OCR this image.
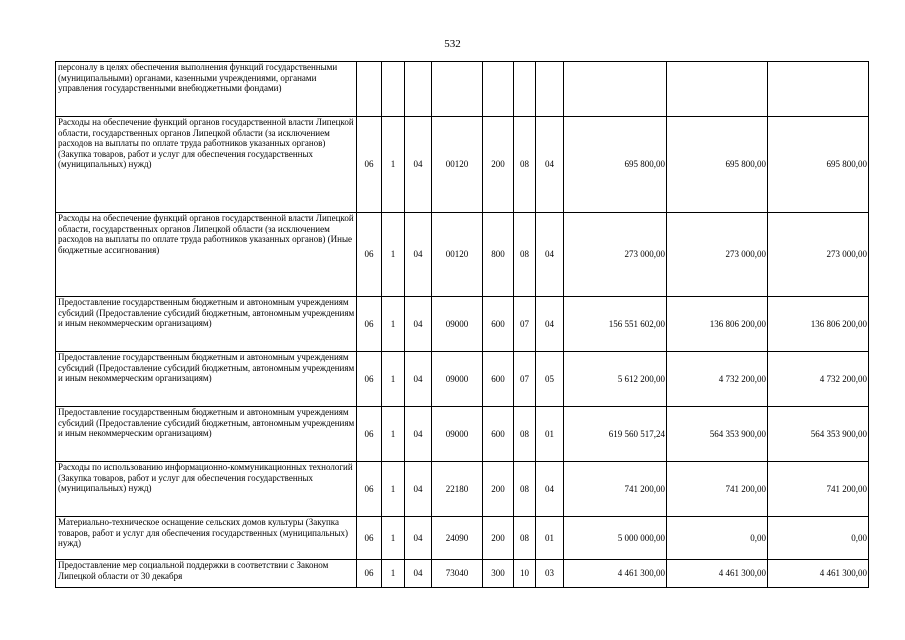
532
персоналу в целях обеспечения выполнения функций государственными (муниципальными) органами, казенными учреждениями, органами управления государственными внебюджетными фондами)										
Расходы на обеспечение функций органов государственной власти Липецкой области, государственных органов Липецкой области (за исключением расходов на выплаты по оплате труда работников указанных органов) (Закупка товаров, работ и услуг для обеспечения государственных (муниципальных) нужд)	06	1	04	00120	200	08	04	695 800,00	695 800,00	695 800,00
Расходы на обеспечение функций органов государственной власти Липецкой области, государственных органов Липецкой области (за исключением расходов на выплаты по оплате труда работников указанных органов) (Иные бюджетные ассигнования)	06	1	04	00120	800	08	04	273 000,00	273 000,00	273 000,00
Предоставление государственным бюджетным и автономным учреждениям субсидий (Предоставление субсидий бюджетным, автономным учреждениям и иным некоммерческим организациям)	06	1	04	09000	600	07	04	156 551 602,00	136 806 200,00	136 806 200,00
Предоставление государственным бюджетным и автономным учреждениям субсидий (Предоставление субсидий бюджетным, автономным учреждениям и иным некоммерческим организациям)	06	1	04	09000	600	07	05	5 612 200,00	4 732 200,00	4 732 200,00
Предоставление государственным бюджетным и автономным учреждениям субсидий (Предоставление субсидий бюджетным, автономным учреждениям и иным некоммерческим организациям)	06	1	04	09000	600	08	01	619 560 517,24	564 353 900,00	564 353 900,00
Расходы по использованию информационно-коммуникационных технологий (Закупка товаров, работ и услуг для обеспечения государственных (муниципальных) нужд)	06	1	04	22180	200	08	04	741 200,00	741 200,00	741 200,00
Материально-техническое оснащение сельских домов культуры (Закупка товаров, работ и услуг для обеспечения государственных (муниципальных) нужд)	06	1	04	24090	200	08	01	5 000 000,00	0,00	0,00
Предоставление мер социальной поддержки в соответствии с Законом Липецкой области от 30 декабря	06	1	04	73040	300	10	03	4 461 300,00	4 461 300,00	4 461 300,00
